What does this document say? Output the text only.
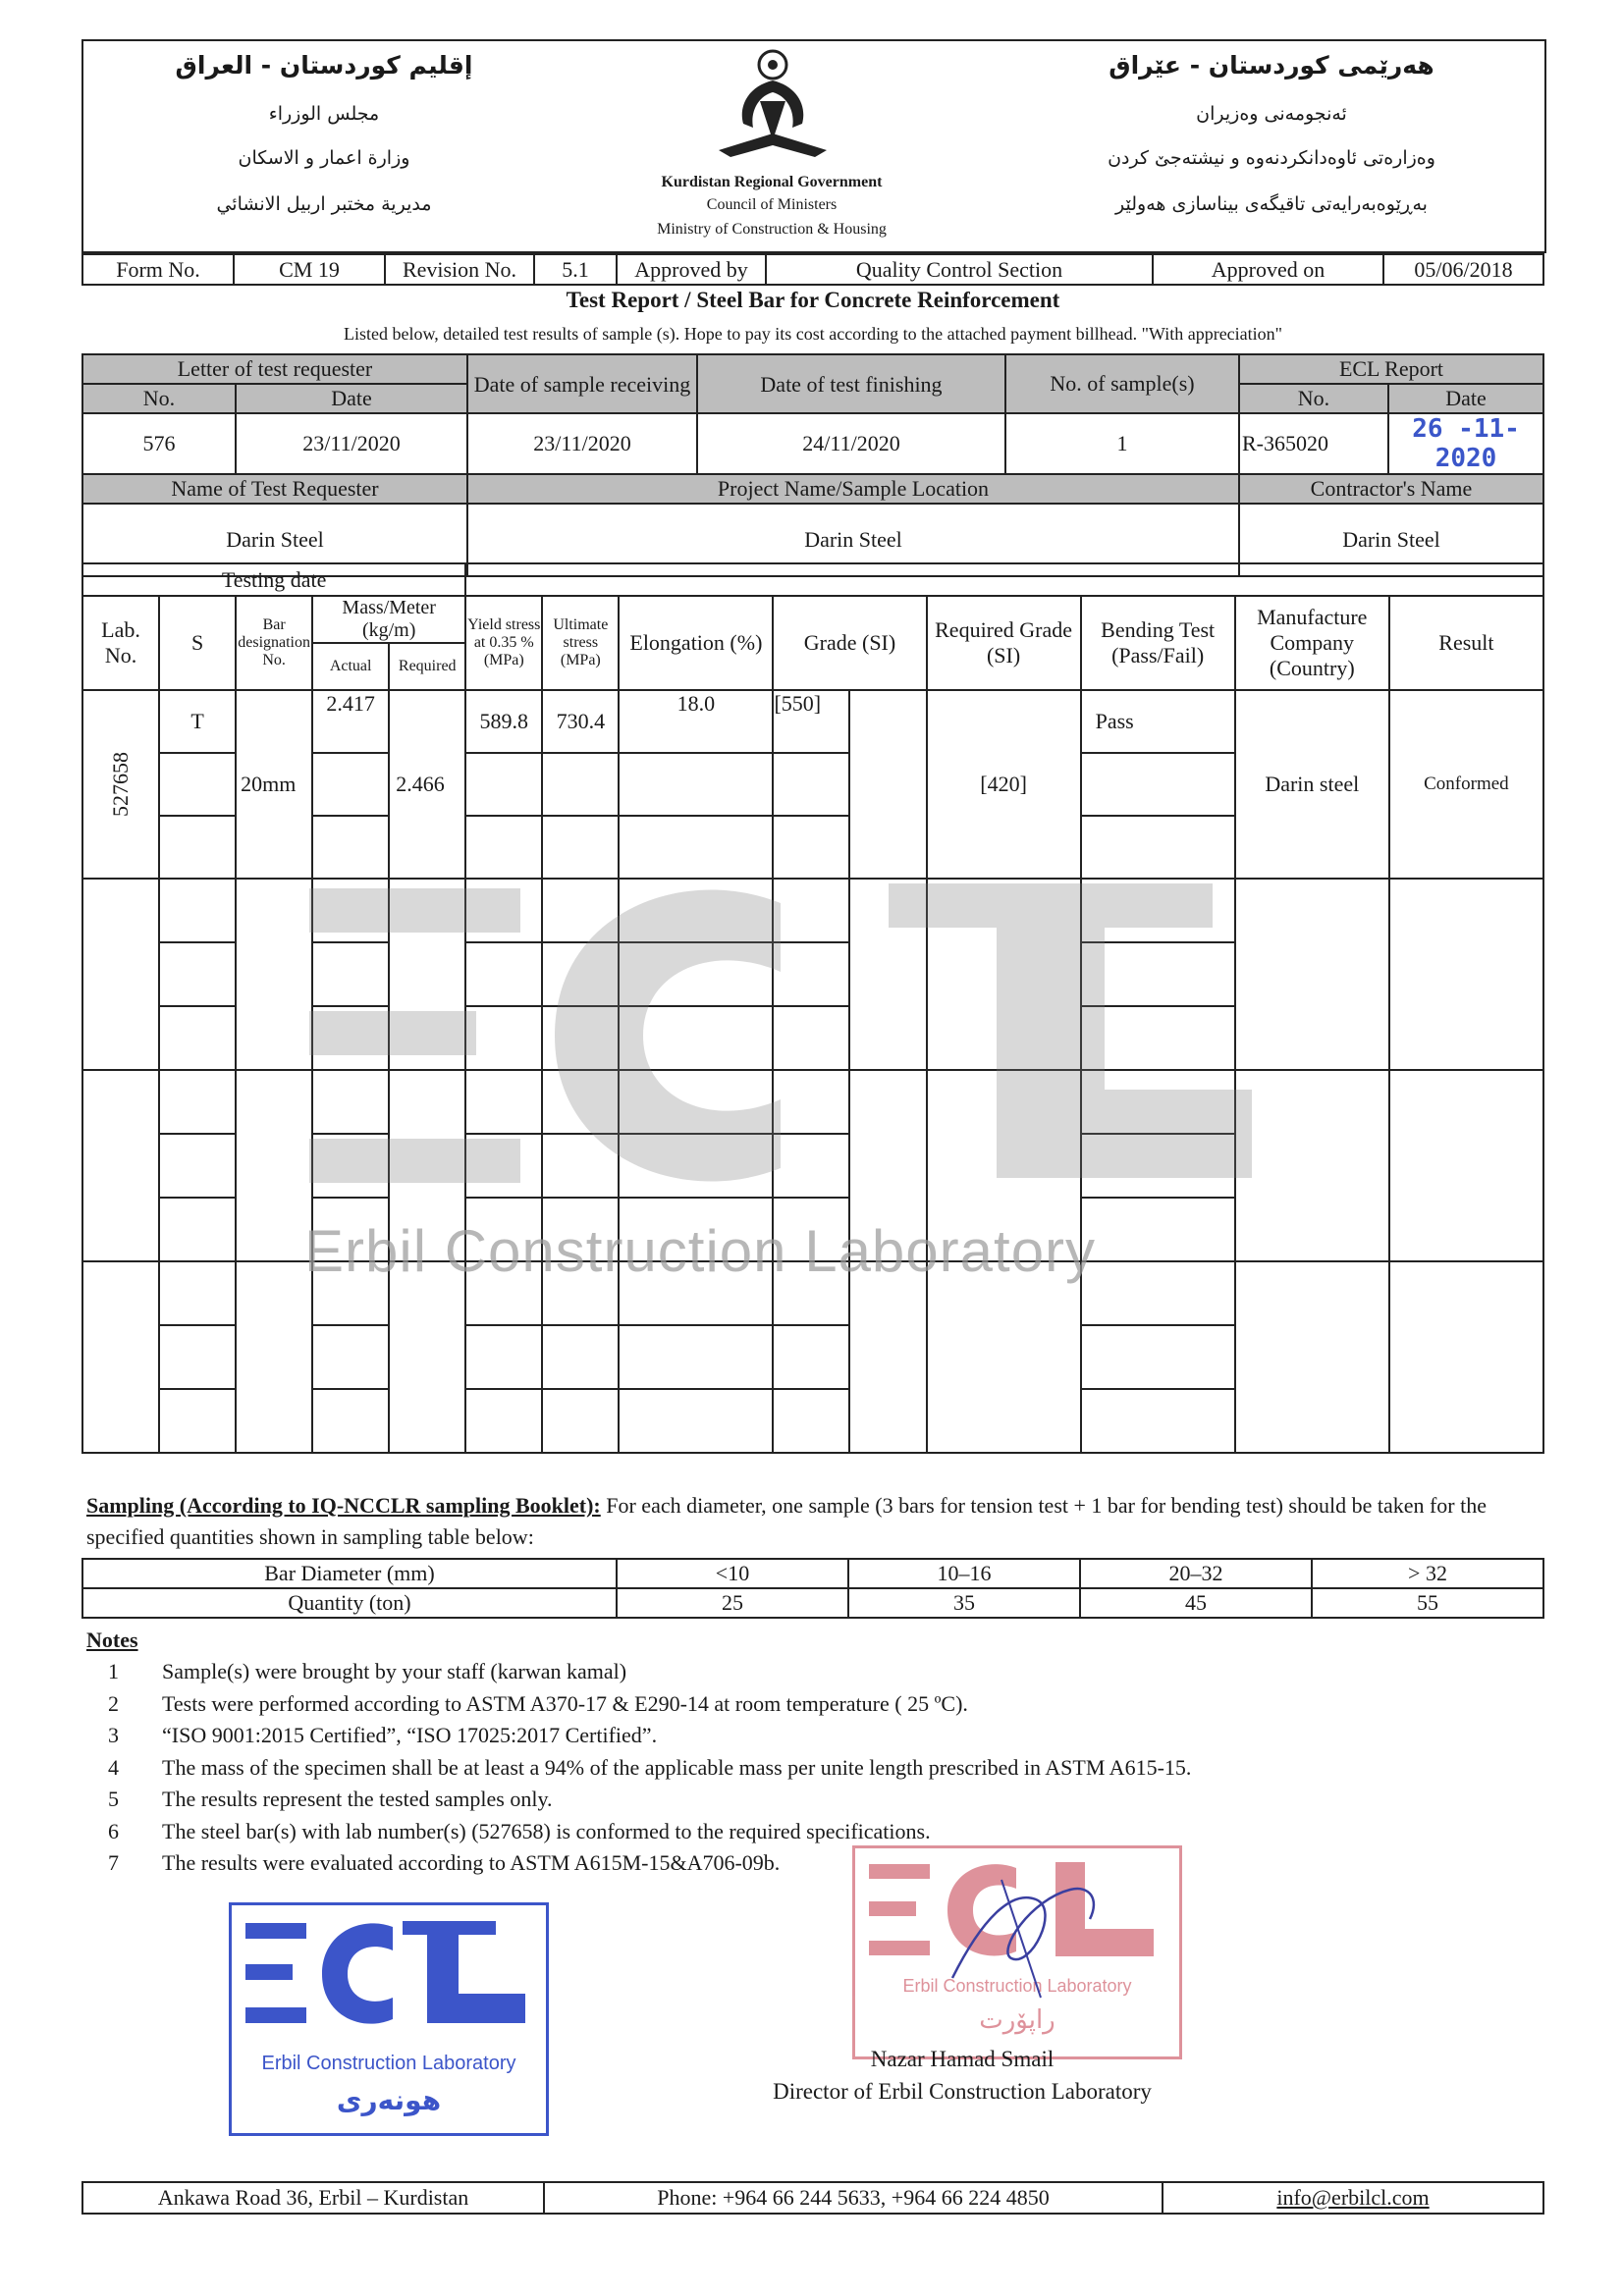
إقليم كوردستان - العراق
مجلس الوزراء
وزارة اعمار و الاسكان
مديرية مختبر اربيل الانشائي
هەرێمی کوردستان - عێراق
ئەنجومەنی وەزیران
وەزارەتی ئاوەدانکردنەوە و نیشتەجێ کردن
بەڕێوەبەرایەتی تاقیگەی بیناسازی هەولێر
Kurdistan Regional Government
Council of Ministers
Ministry of Construction & Housing
Form No.	CM 19	Revision No.	5.1	Approved by	Quality Control Section	Approved on	05/06/2018
Test Report / Steel Bar for Concrete Reinforcement
Listed below, detailed test results of sample (s). Hope to pay its cost according to the attached payment billhead. "With appreciation"
Letter of test requester		Date of sample receiving	Date of test finishing	No. of sample(s)	ECL Report	
No.	Date				No.	Date
576	23/11/2020	23/11/2020	24/11/2020	1	R-365020	26 -11- 2020
Name of Test Requester		Project Name/Sample Location			Contractor's Name	
Darin Steel		Darin Steel			Darin Steel	
Testing date													
Lab. No.	S	Bar designation No.	Mass/Meter (kg/m)		Yield stress at 0.35 % (MPa)	Ultimate stress (MPa)	Elongation (%)	Grade (SI)		Required Grade (SI)	Bending Test (Pass/Fail)	Manufacture Company (Country)	Result
			Actual	Required									

527658	T	20mm	2.417	2.466	589.8	730.4	18.0	[550]		[420]	Pass	Darin steel	Conformed

Erbil Construction Laboratory
Sampling (According to IQ-NCCLR sampling Booklet): For each diameter, one sample (3 bars for tension test + 1 bar for bending test) should be taken for the specified quantities shown in sampling table below:
Bar Diameter (mm)	<10	10–16	20–32	> 32
Quantity (ton)	25	35	45	55
Notes
1 Sample(s) were brought by your staff (karwan kamal)
2 Tests were performed according to ASTM A370-17 & E290-14 at room temperature ( 25 ºC).
3 “ISO 9001:2015 Certified”, “ISO 17025:2017 Certified”.
4 The mass of the specimen shall be at least a 94% of the applicable mass per unite length prescribed in ASTM A615-15.
5 The results represent the tested samples only.
6 The steel bar(s) with lab number(s) (527658) is conformed to the required specifications.
7 The results were evaluated according to ASTM A615M-15&A706-09b.
Erbil Construction Laboratory
هونەری
Erbil Construction Laboratory
راپۆرت
Nazar Hamad Smail
Director of Erbil Construction Laboratory
Ankawa Road 36, Erbil – Kurdistan	Phone: +964 66 244 5633, +964 66 224 4850	info@erbilcl.com
